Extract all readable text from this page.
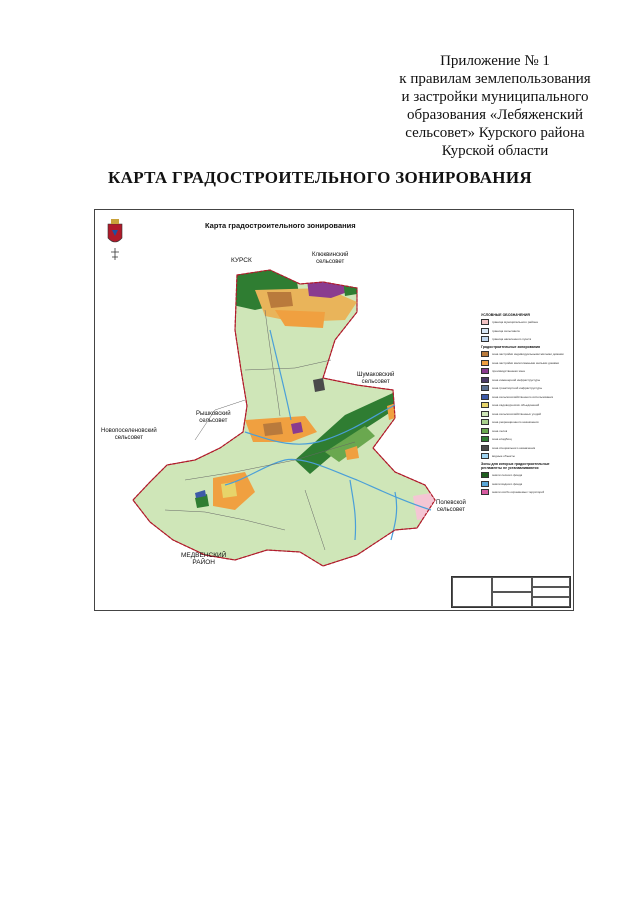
Приложение № 1
к правилам землепользования
и застройки муниципального
образования «Лебяженский
сельсовет» Курского района
Курской области
КАРТА ГРАДОСТРОИТЕЛЬНОГО ЗОНИРОВАНИЯ
Карта градостроительного зонирования
КУРСК
Клюквинский
сельсовет
Шумаковский
сельсовет
Рышковский
сельсовет
Новопоселеновский
сельсовет
МЕДВЕНСКИЙ
РАЙОН
Полевской
сельсовет
УСЛОВНЫЕ ОБОЗНАЧЕНИЯ
граница муниципального района
граница сельсовета
граница населенного пункта
Градостроительные зонирования
зона застройки индивидуальными жилыми домами
зона застройки малоэтажными жилыми домами
производственная зона
зона инженерной инфраструктуры
зона транспортной инфраструктуры
зона сельскохозяйственного использования
зона садоводческих объединений
зона сельскохозяйственных угодий
зона рекреационного назначения
зона лесов
зона кладбищ
зона специального назначения
водные объекты
Зоны для которых градостроительные регламенты не устанавливаются
земли лесного фонда
земли водного фонда
земли особо охраняемых территорий
